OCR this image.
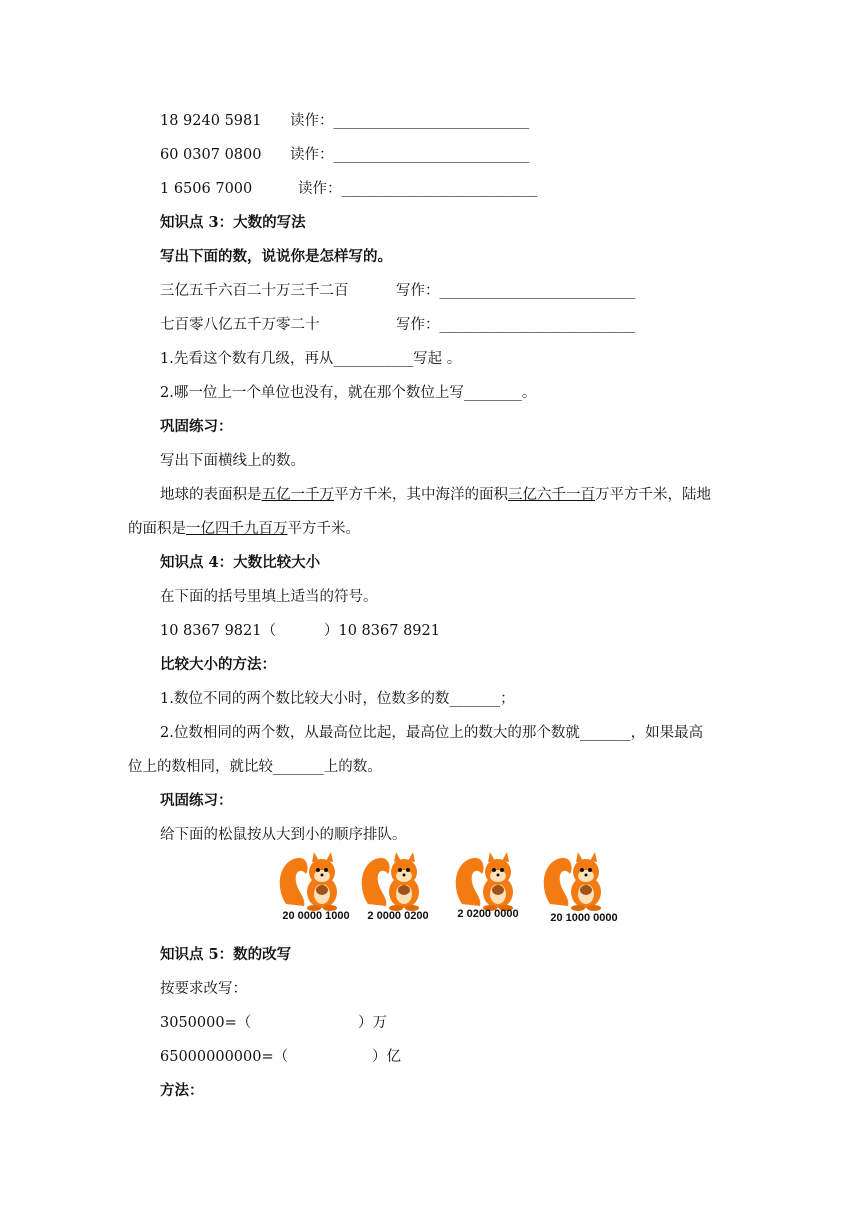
18 9240 5981 读作：___________________________
60 0307 0800 读作：___________________________
1 6506 7000	读作：___________________________
知识点 3：大数的写法
写出下面的数，说说你是怎样写的。
三亿五千六百二十万三千二百	写作：___________________________
七百零八亿五千万零二十	写作：___________________________
1.先看这个数有几级，再从___________写起 。
2.哪一位上一个单位也没有，就在那个数位上写________。
巩固练习：
写出下面横线上的数。
地球的表面积是五亿一千万平方千米，其中海洋的面积三亿六千一百万平方千米，陆地
的面积是一亿四千九百万平方千米。
知识点 4：大数比较大小
在下面的括号里填上适当的符号。
10 8367 9821（	）10 8367 8921
比较大小的方法：
1.数位不同的两个数比较大小时，位数多的数_______；
2.位数相同的两个数，从最高位比起，最高位上的数大的那个数就_______，如果最高
位上的数相同，就比较_______上的数。
巩固练习：
给下面的松鼠按从大到小的顺序排队。
20 0000 1000	2 0000 0200	2 0200 0000	20 1000 0000
知识点 5：数的改写
按要求改写：
3050000=（	）万
65000000000=（	）亿
方法：
